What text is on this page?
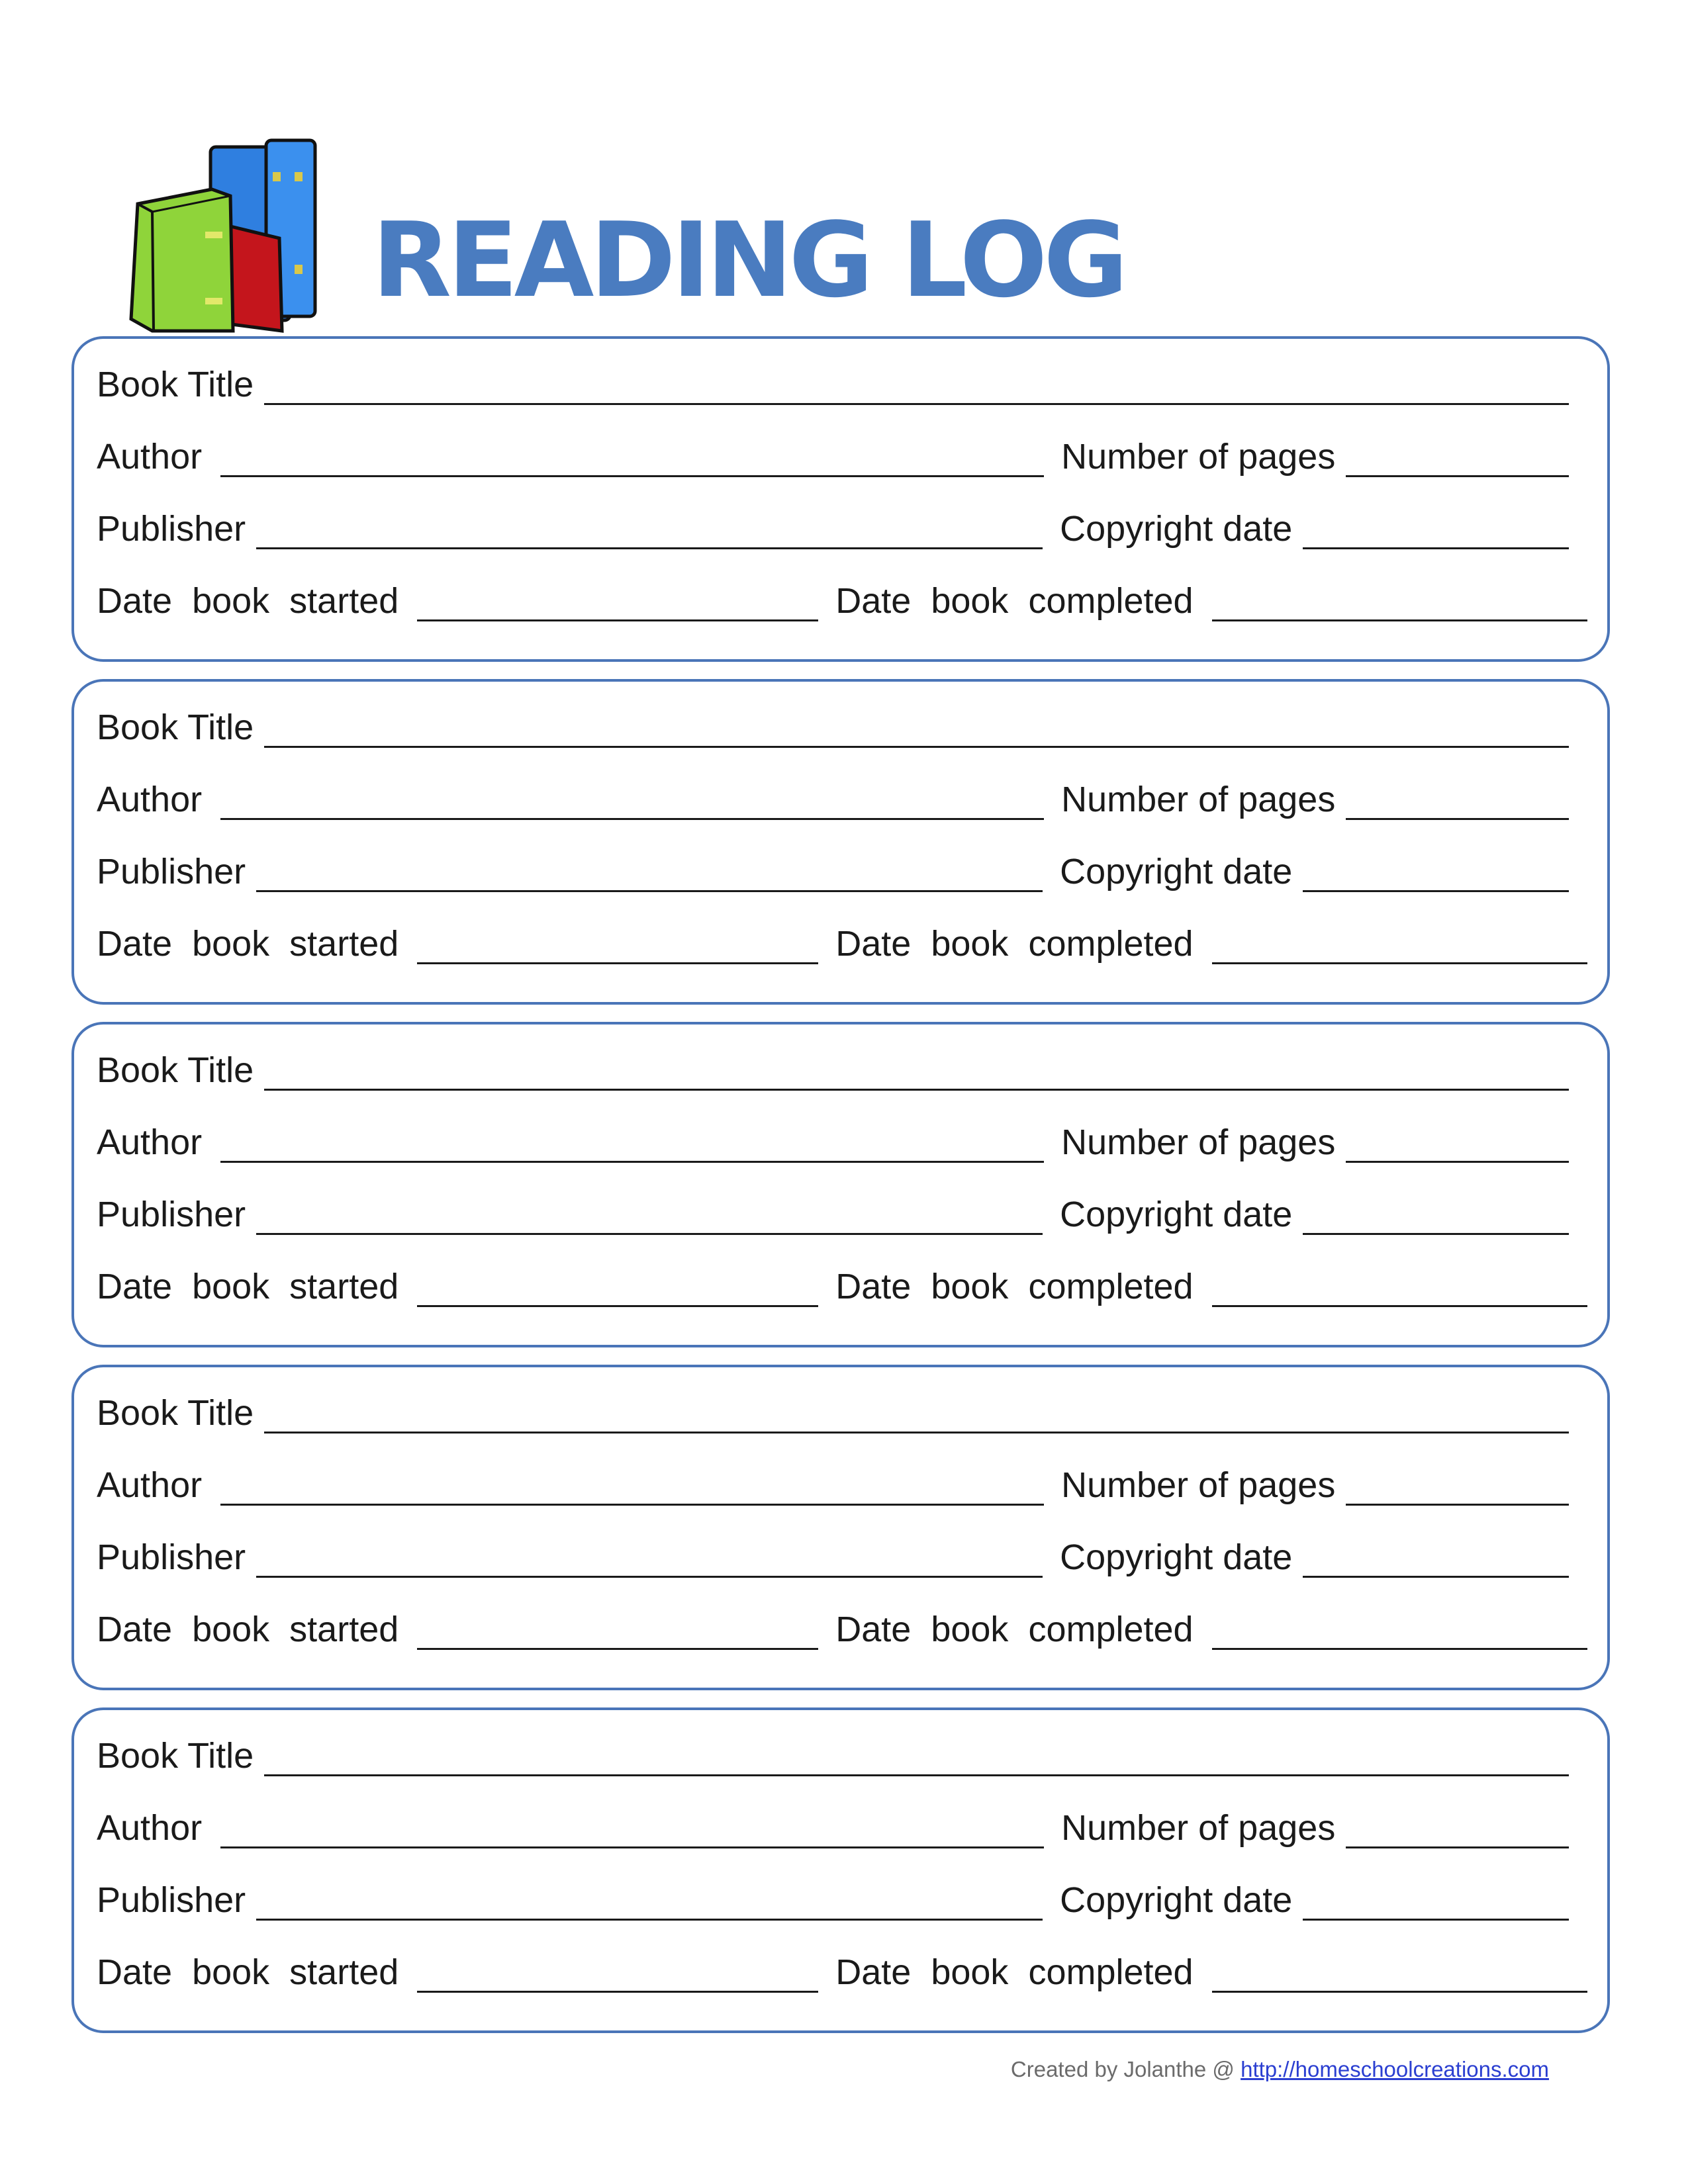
READING LOG
Book Title
Author	Number of pages
Publisher	Copyright date
Date  book  started	Date  book  completed
Book Title
Author	Number of pages
Publisher	Copyright date
Date  book  started	Date  book  completed
Book Title
Author	Number of pages
Publisher	Copyright date
Date  book  started	Date  book  completed
Book Title
Author	Number of pages
Publisher	Copyright date
Date  book  started	Date  book  completed
Book Title
Author	Number of pages
Publisher	Copyright date
Date  book  started	Date  book  completed
Created by Jolanthe @ http://homeschoolcreations.com
